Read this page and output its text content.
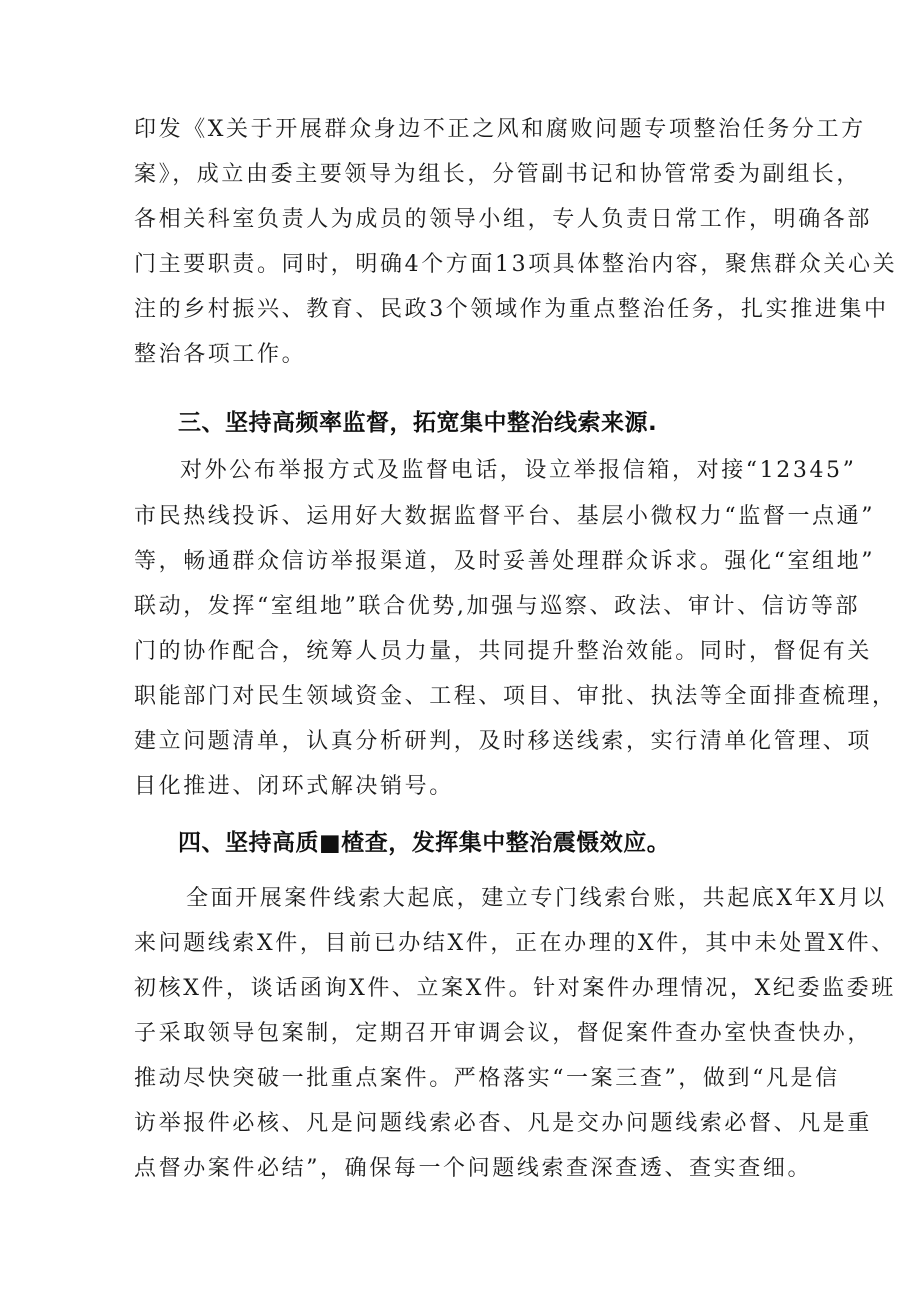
印发《X关于开展群众身边不正之风和腐败问题专项整治任务分工方
案》，成立由委主要领导为组长，分管副书记和协管常委为副组长，
各相关科室负责人为成员的领导小组，专人负责日常工作，明确各部
门主要职责。同时，明确4个方面13项具体整治内容，聚焦群众关心关
注的乡村振兴、教育、民政3个领域作为重点整治任务，扎实推进集中
整治各项工作。
三、坚持高频率监督，拓宽集中整治线索来源.
对外公布举报方式及监督电话，设立举报信箱，对接“12345”
市民热线投诉、运用好大数据监督平台、基层小微权力“监督一点通”
等，畅通群众信访举报渠道，及时妥善处理群众诉求。强化“室组地”
联动，发挥“室组地”联合优势,加强与巡察、政法、审计、信访等部
门的协作配合，统筹人员力量，共同提升整治效能。同时，督促有关
职能部门对民生领域资金、工程、项目、审批、执法等全面排查梳理，
建立问题清单，认真分析研判，及时移送线索，实行清单化管理、项
目化推进、闭环式解决销号。
四、坚持高质■楂查，发挥集中整治震慑效应。
全面开展案件线索大起底，建立专门线索台账，共起底X年X月以
来问题线索X件，目前已办结X件，正在办理的X件，其中未处置X件、
初核X件，谈话函询X件、立案X件。针对案件办理情况，X纪委监委班
子采取领导包案制，定期召开审调会议，督促案件查办室快查快办，
推动尽快突破一批重点案件。严格落实“一案三查”，做到“凡是信
访举报件必核、凡是问题线索必杳、凡是交办问题线索必督、凡是重
点督办案件必结”，确保每一个问题线索查深查透、查实查细。
